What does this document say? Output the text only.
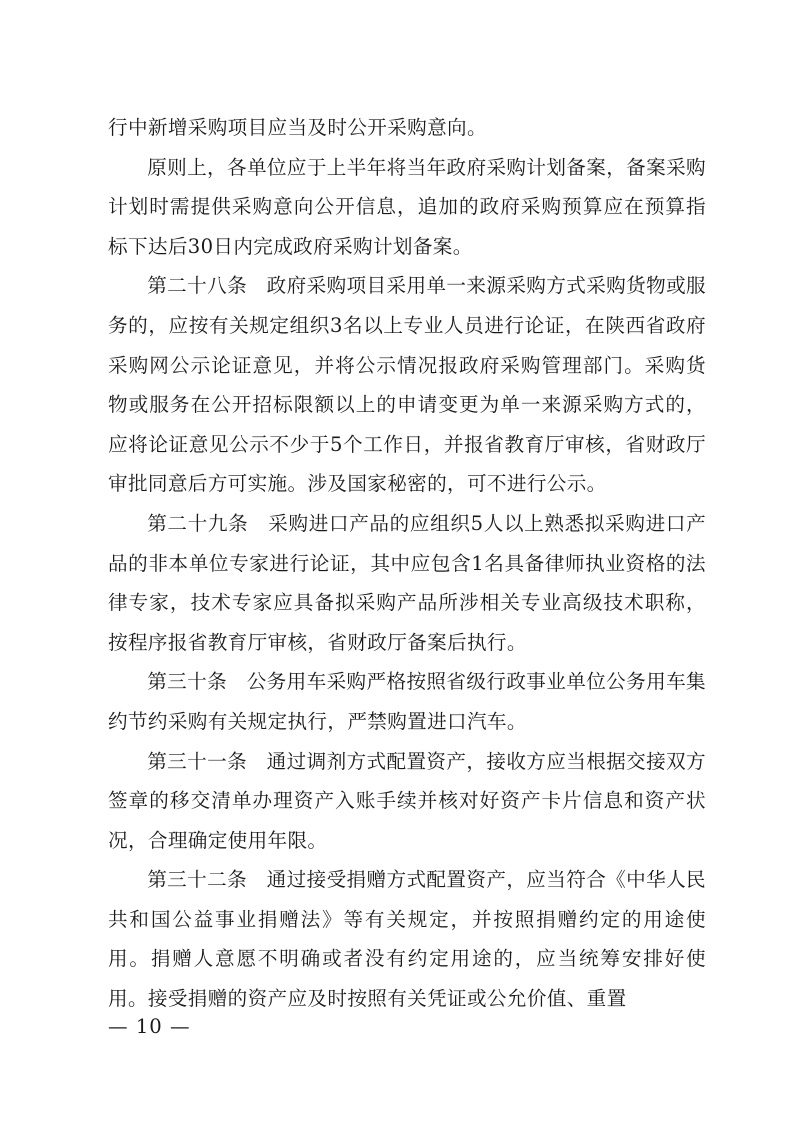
行中新增采购项目应当及时公开采购意向。

原则上，各单位应于上半年将当年政府采购计划备案，备案采购计划时需提供采购意向公开信息，追加的政府采购预算应在预算指标下达后30日内完成政府采购计划备案。

第二十八条 政府采购项目采用单一来源采购方式采购货物或服务的，应按有关规定组织3名以上专业人员进行论证，在陕西省政府采购网公示论证意见，并将公示情况报政府采购管理部门。采购货物或服务在公开招标限额以上的申请变更为单一来源采购方式的，应将论证意见公示不少于5个工作日，并报省教育厅审核，省财政厅审批同意后方可实施。涉及国家秘密的，可不进行公示。

第二十九条 采购进口产品的应组织5人以上熟悉拟采购进口产品的非本单位专家进行论证，其中应包含1名具备律师执业资格的法律专家，技术专家应具备拟采购产品所涉相关专业高级技术职称，按程序报省教育厅审核，省财政厅备案后执行。

第三十条 公务用车采购严格按照省级行政事业单位公务用车集约节约采购有关规定执行，严禁购置进口汽车。

第三十一条 通过调剂方式配置资产，接收方应当根据交接双方签章的移交清单办理资产入账手续并核对好资产卡片信息和资产状况，合理确定使用年限。

第三十二条 通过接受捐赠方式配置资产，应当符合《中华人民共和国公益事业捐赠法》等有关规定，并按照捐赠约定的用途使用。捐赠人意愿不明确或者没有约定用途的，应当统筹安排好使用。接受捐赠的资产应及时按照有关凭证或公允价值、重置

— 10 —
